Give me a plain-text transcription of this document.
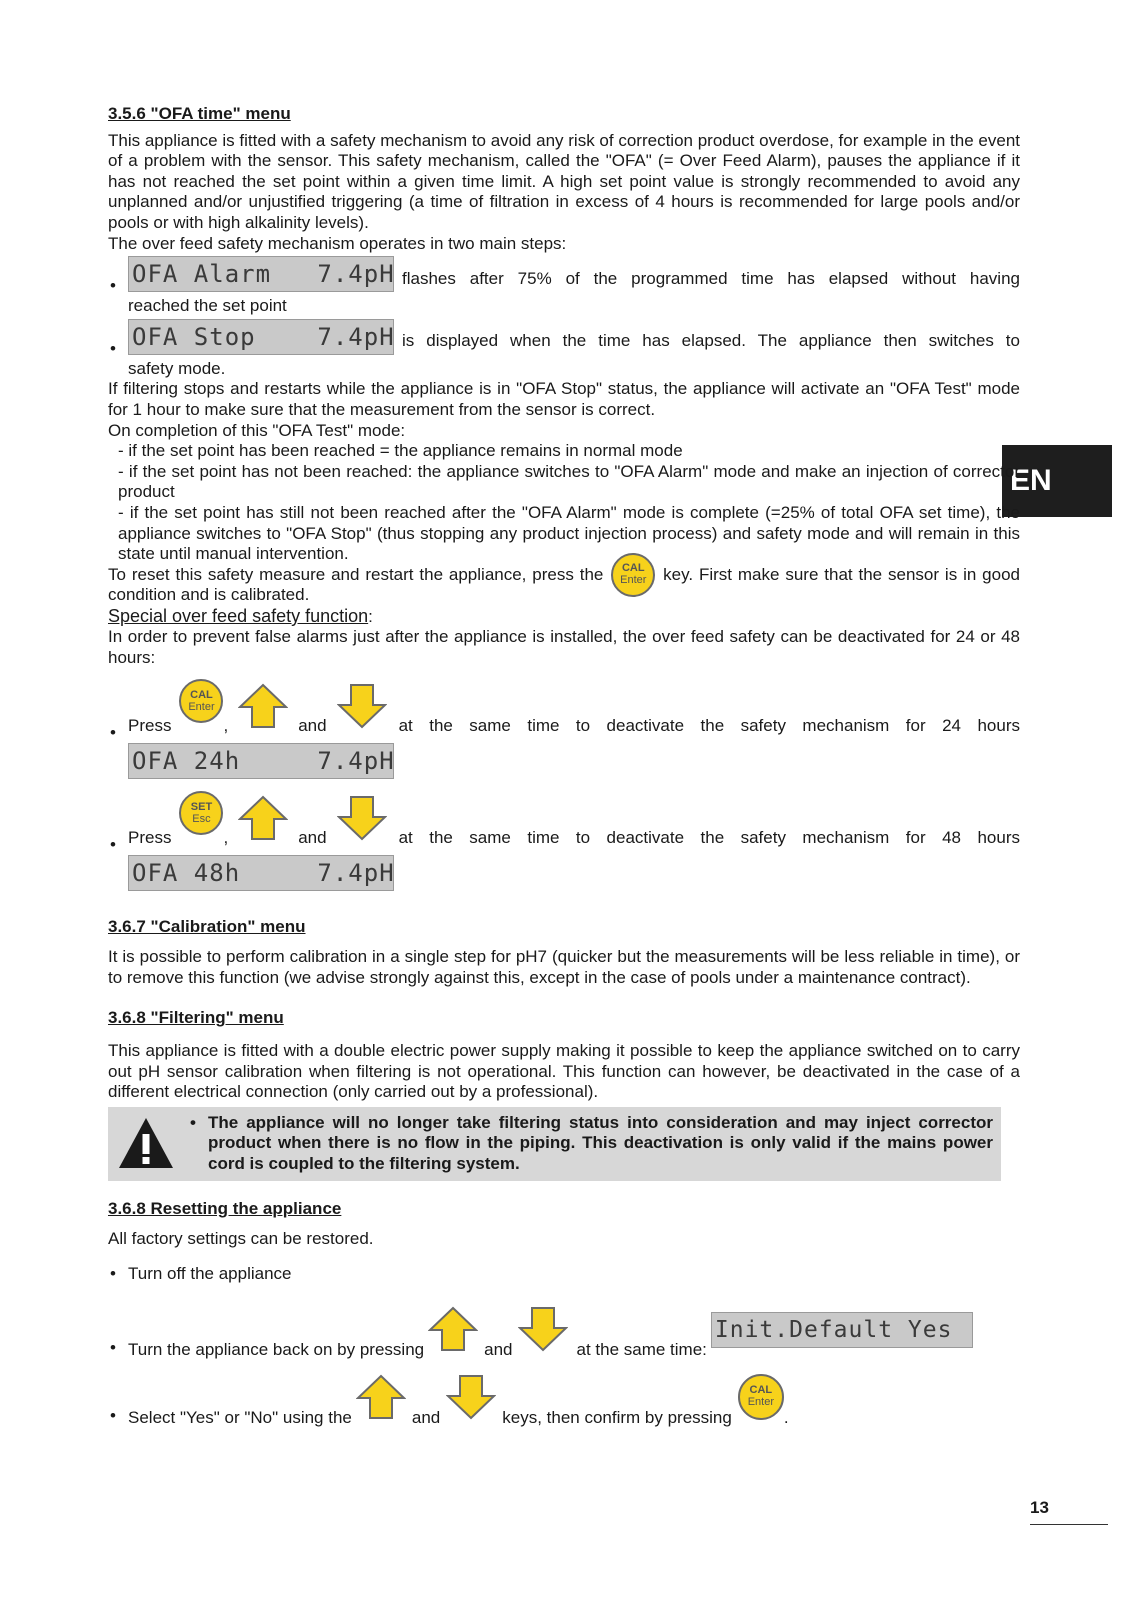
EN
3.5.6 "OFA time" menu

This appliance is fitted with a safety mechanism to avoid any risk of correction product overdose, for example in the event of a problem with the sensor. This safety mechanism, called the "OFA" (= Over Feed Alarm), pauses the appliance if it has not reached the set point within a given time limit. A high set point value is strongly recommended to avoid any unplanned and/or unjustified triggering (a time of filtration in excess of 4 hours is recommended for large pools and/or pools or with high alkalinity levels).

The over feed safety mechanism operates in two main steps:

• OFA Alarm   7.4pH flashes after 75% of the programmed time has elapsed without having
reached the set point
• OFA Stop    7.4pH is displayed when the time has elapsed. The appliance then switches to
safety mode.

If filtering stops and restarts while the appliance is in "OFA Stop" status, the appliance will activate an "OFA Test" mode for 1 hour to make sure that the measurement from the sensor is correct.

On completion of this "OFA Test" mode:

- if the set point has been reached = the appliance remains in normal mode

- if the set point has not been reached: the appliance switches to "OFA Alarm" mode and make an injection of corrector product

- if the set point has still not been reached after the "OFA Alarm" mode is complete (=25% of total OFA set time), the appliance switches to "OFA Stop" (thus stopping any product injection process) and safety mode and will remain in this state until manual intervention.

To reset this safety measure and restart the appliance, press the CAL
Enter key. First make sure that the sensor is in good condition and is calibrated.

Special over feed safety function:

In order to prevent false alarms just after the appliance is installed, the over feed safety can be deactivated for 24 or 48 hours:

• Press
CAL
Enter
,	and	at the same time to deactivate the safety mechanism for 24 hours
OFA 24h     7.4pH
• Press
SET
Esc
,	and	at the same time to deactivate the safety mechanism for 48 hours
OFA 48h     7.4pH
3.6.7 "Calibration" menu

It is possible to perform calibration in a single step for pH7 (quicker but the measurements will be less reliable in time), or to remove this function (we advise strongly against this, except in the case of pools under a maintenance contract).

3.6.8 "Filtering" menu

This appliance is fitted with a double electric power supply making it possible to keep the appliance switched on to carry out pH sensor calibration when filtering is not operational. This function can however, be deactivated in the case of a different electrical connection (only carried out by a professional).

• The appliance will no longer take filtering status into consideration and may inject corrector product when there is no flow in the piping. This deactivation is only valid if the mains power cord is coupled to the filtering system.
3.6.8 Resetting the appliance

All factory settings can be restored.

• Turn off the appliance
• Turn the appliance back on by pressing	and	at the same time:
Init.Default Yes
• Select "Yes" or "No" using the	and	keys, then confirm by pressing
CAL
Enter
.
13
